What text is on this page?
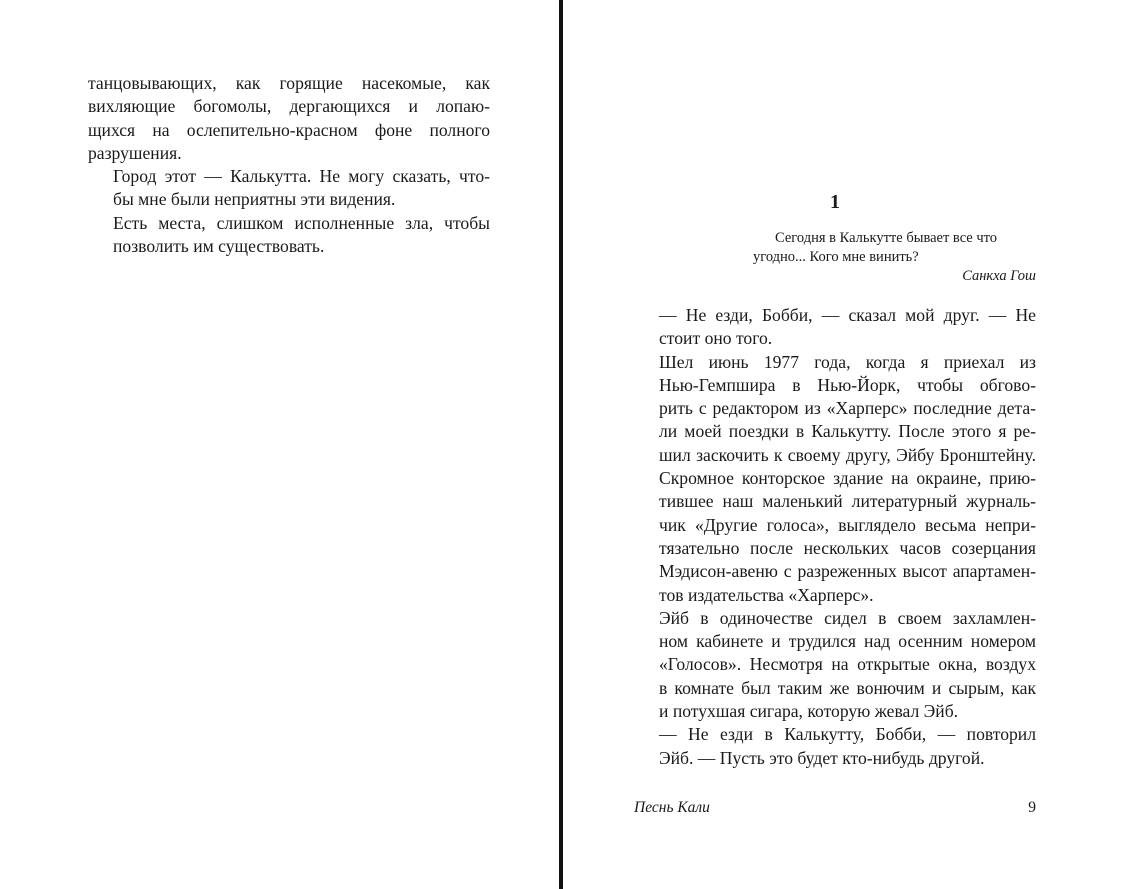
танцовывающих, как горящие насекомые, как
вихляющие богомолы, дергающихся и лопаю-
щихся на ослепительно-красном фоне полного
разрушения.

Город этот — Калькутта. Не могу сказать, что-
бы мне были неприятны эти видения.

Есть места, слишком исполненные зла, чтобы
позволить им существовать.

1
Сегодня в Калькутте бывает все что
угодно... Кого мне винить?
Санкха Гош

— Не езди, Бобби, — сказал мой друг. — Не
стоит оно того.

Шел июнь 1977 года, когда я приехал из
Нью-Гемпшира в Нью-Йорк, чтобы обгово-
рить с редактором из «Харперс» последние дета-
ли моей поездки в Калькутту. После этого я ре-
шил заскочить к своему другу, Эйбу Бронштейну.
Скромное конторское здание на окраине, прию-
тившее наш маленький литературный журналь-
чик «Другие голоса», выглядело весьма непри-
тязательно после нескольких часов созерцания
Мэдисон-авеню с разреженных высот апартамен-
тов издательства «Харперс».

Эйб в одиночестве сидел в своем захламлен-
ном кабинете и трудился над осенним номером
«Голосов». Несмотря на открытые окна, воздух
в комнате был таким же вонючим и сырым, как
и потухшая сигара, которую жевал Эйб.

— Не езди в Калькутту, Бобби, — повторил
Эйб. — Пусть это будет кто-нибудь другой.

Песнь Кали	9
